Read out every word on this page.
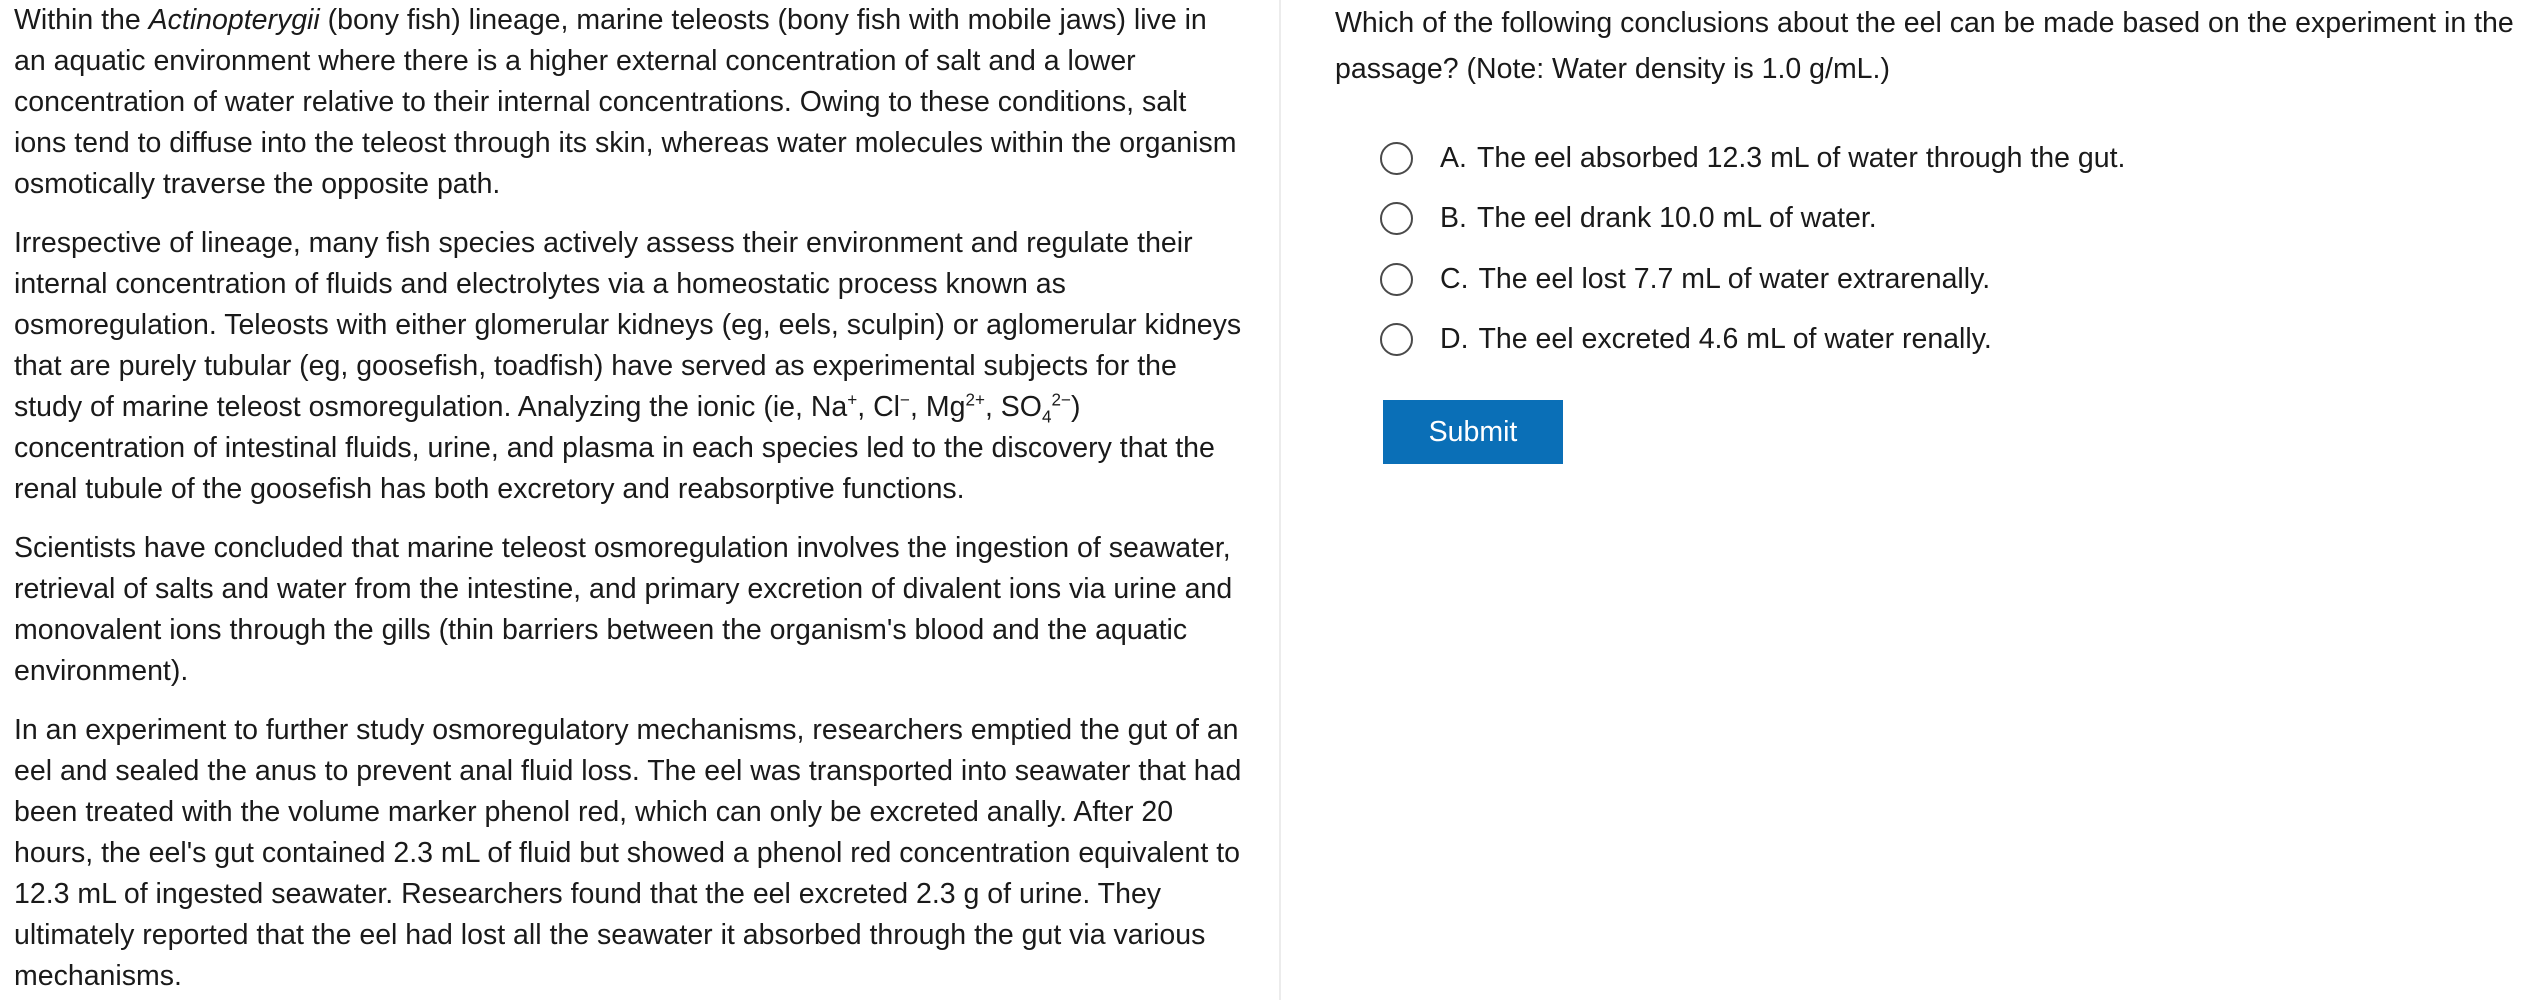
Within the Actinopterygii (bony fish) lineage, marine teleosts (bony fish with mobile jaws) live in an aquatic environment where there is a higher external concentration of salt and a lower concentration of water relative to their internal concentrations. Owing to these conditions, salt ions tend to diffuse into the teleost through its skin, whereas water molecules within the organism osmotically traverse the opposite path.

Irrespective of lineage, many fish species actively assess their environment and regulate their internal concentration of fluids and electrolytes via a homeostatic process known as osmoregulation. Teleosts with either glomerular kidneys (eg, eels, sculpin) or aglomerular kidneys that are purely tubular (eg, goosefish, toadfish) have served as experimental subjects for the study of marine teleost osmoregulation. Analyzing the ionic (ie, Na+, Cl−, $Mg^{2+}$, $SO_4^{2-}$) concentration of intestinal fluids, urine, and plasma in each species led to the discovery that the renal tubule of the goosefish has both excretory and reabsorptive functions.

Scientists have concluded that marine teleost osmoregulation involves the ingestion of seawater, retrieval of salts and water from the intestine, and primary excretion of divalent ions via urine and monovalent ions through the gills (thin barriers between the organism's blood and the aquatic environment).

In an experiment to further study osmoregulatory mechanisms, researchers emptied the gut of an eel and sealed the anus to prevent anal fluid loss. The eel was transported into seawater that had been treated with the volume marker phenol red, which can only be excreted anally. After 20 hours, the eel's gut contained 2.3 mL of fluid but showed a phenol red concentration equivalent to 12.3 mL of ingested seawater. Researchers found that the eel excreted 2.3 g of urine. They ultimately reported that the eel had lost all the seawater it absorbed through the gut via various mechanisms.

Which of the following conclusions about the eel can be made based on the experiment in the passage? (Note: Water density is 1.0 g/mL.)

A. The eel absorbed 12.3 mL of water through the gut.
B. The eel drank 10.0 mL of water.
C. The eel lost 7.7 mL of water extrarenally.
D. The eel excreted 4.6 mL of water renally.
Submit
